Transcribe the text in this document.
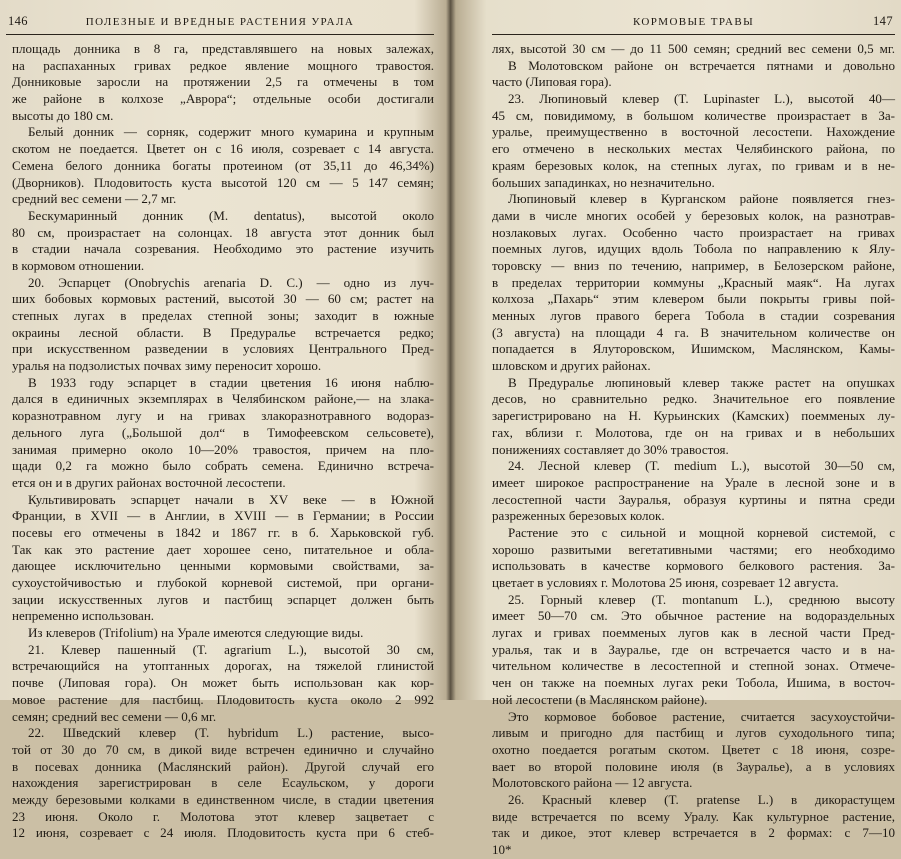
146	ПОЛЕЗНЫЕ И ВРЕДНЫЕ РАСТЕНИЯ УРАЛА
площадь донника в 8 га, представлявшего на новых залежах,
на распаханных гривах редкое явление мощного травостоя.
Донниковые заросли на протяжении 2,5 га отмечены в том
же районе в колхозе „Аврора“; отдельные особи достигали
высоты до 180 см.
Белый донник — сорняк, содержит много кумарина и крупным
скотом не поедается. Цветет он с 16 июля, созревает с 14 августа.
Семена белого донника богаты протеином (от 35,11 до 46,34%)
(Дворников). Плодовитость куста высотой 120 см — 5 147 семян;
средний вес семени — 2,7 мг.
Бескумаринный донник (M. dentatus), высотой около
80 см, произрастает на солонцах. 18 августа этот донник был
в стадии начала созревания. Необходимо это растение изучить
в кормовом отношении.
20. Эспарцет (Onobrychis arenaria D. C.) — одно из луч-
ших бобовых кормовых растений, высотой 30 — 60 см; растет на
степных лугах в пределах степной зоны; заходит в южные
окраины лесной области. В Предуралье встречается редко;
при искусственном разведении в условиях Центрального Пред-
уралья на подзолистых почвах зиму переносит хорошо.
В 1933 году эспарцет в стадии цветения 16 июня наблю-
дался в единичных экземплярах в Челябинском районе,— на злака-
коразнотравном лугу и на гривах злакоразнотравного водораз-
дельного луга („Большой дол“ в Тимофеевском сельсовете),
занимая примерно около 10—20% травостоя, причем на пло-
щади 0,2 га можно было собрать семена. Единично встреча-
ется он и в других районах восточной лесостепи.
Культивировать эспарцет начали в XV веке — в Южной
Франции, в XVII — в Англии, в XVIII — в Германии; в России
посевы его отмечены в 1842 и 1867 гг. в б. Харьковской губ.
Так как это растение дает хорошее сено, питательное и обла-
дающее исключительно ценными кормовыми свойствами, за-
сухоустойчивостью и глубокой корневой системой, при органи-
зации искусственных лугов и пастбищ эспарцет должен быть
непременно использован.
Из клеверов (Trifolium) на Урале имеются следующие виды.
21. Клевер пашенный (T. agrarium L.), высотой 30 см,
встречающийся на утоптанных дорогах, на тяжелой глинистой
почве (Липовая гора). Он может быть использован как кор-
мовое растение для пастбищ. Плодовитость куста около 2 992
семян; средний вес семени — 0,6 мг.
22. Шведский клевер (T. hybridum L.) растение, высо-
той от 30 до 70 см, в дикой виде встречен единично и случайно
в посевах донника (Маслянский район). Другой случай его
нахождения зарегистрирован в селе Есаульском, у дороги
между березовыми колками в единственном числе, в стадии цветения
23 июня. Около г. Молотова этот клевер зацветает с
12 июня, созревает с 24 июля. Плодовитость куста при 6 стеб-
КОРМОВЫЕ ТРАВЫ	147
лях, высотой 30 см — до 11 500 семян; средний вес семени 0,5 мг.
В Молотовском районе он встречается пятнами и довольно
часто (Липовая гора).
23. Люпиновый клевер (T. Lupinaster L.), высотой 40—
45 см, повидимому, в большом количестве произрастает в За-
уралье, преимущественно в восточной лесостепи. Нахождение
его отмечено в нескольких местах Челябинского района, по
краям березовых колок, на степных лугах, по гривам и в не-
больших западинках, но незначительно.
Люпиновый клевер в Курганском районе появляется гнез-
дами в числе многих особей у березовых колок, на разнотрав-
нозлаковых лугах. Особенно часто произрастает на гривах
поемных лугов, идущих вдоль Тобола по направлению к Ялу-
торовску — вниз по течению, например, в Белозерском районе,
в пределах территории коммуны „Красный маяк“. На лугах
колхоза „Пахарь“ этим клевером были покрыты гривы пой-
менных лугов правого берега Тобола в стадии созревания
(3 августа) на площади 4 га. В значительном количестве он
попадается в Ялуторовском, Ишимском, Маслянском, Камы-
шловском и других районах.
В Предуралье люпиновый клевер также растет на опушках
десов, но сравнительно редко. Значительное его появление
зарегистрировано на Н. Курьинских (Камских) поемменых лу-
гах, вблизи г. Молотова, где он на гривах и в небольших
понижениях составляет до 30% травостоя.
24. Лесной клевер (T. medium L.), высотой 30—50 см,
имеет широкое распространение на Урале в лесной зоне и в
лесостепной части Зауралья, образуя куртины и пятна среди
разреженных березовых колок.
Растение это с сильной и мощной корневой системой, с
хорошо развитыми вегетативными частями; его необходимо
использовать в качестве кормового белкового растения. За-
цветает в условиях г. Молотова 25 июня, созревает 12 августа.
25. Горный клевер (T. montanum L.), среднюю высоту
имеет 50—70 см. Это обычное растение на водораздельных
лугах и гривах поемменых лугов как в лесной части Пред-
уралья, так и в Зауралье, где он встречается часто и в на-
чительном количестве в лесостепной и степной зонах. Отмече-
чен он также на поемных лугах реки Тобола, Ишима, в восточ-
ной лесостепи (в Маслянском районе).
Это кормовое бобовое растение, считается засухоустойчи-
ливым и пригодно для пастбищ и лугов суходольного типа;
охотно поедается рогатым скотом. Цветет с 18 июня, созре-
вает во второй половине июля (в Зауралье), а в условиях
Молотовского района — 12 августа.
26. Красный клевер (T. pratense L.) в дикорастущем
виде встречается по всему Уралу. Как культурное растение,
так и дикое, этот клевер встречается в 2 формах: с 7—10
10*
